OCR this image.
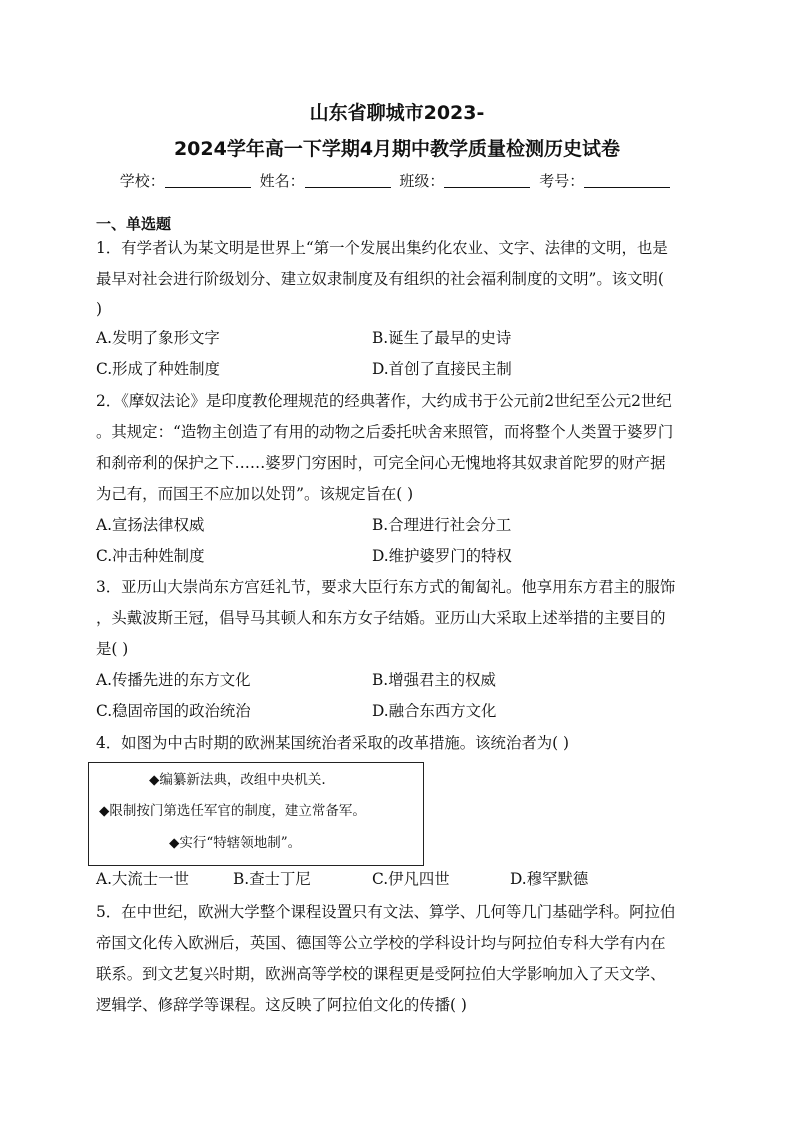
山东省聊城市2023-
2024学年高一下学期4月期中教学质量检测历史试卷
学校：	姓名：	班级：	考号：
一、单选题
1．有学者认为某文明是世界上“第一个发展出集约化农业、文字、法律的文明，也是
最早对社会进行阶级划分、建立奴隶制度及有组织的社会福利制度的文明”。该文明(
)
A.发明了象形文字	B.诞生了最早的史诗
C.形成了种姓制度	D.首创了直接民主制
2．《摩奴法论》是印度教伦理规范的经典著作，大约成书于公元前2世纪至公元2世纪
。其规定：“造物主创造了有用的动物之后委托吠舍来照管，而将整个人类置于婆罗门
和刹帝利的保护之下……婆罗门穷困时，可完全问心无愧地将其奴隶首陀罗的财产据
为己有，而国王不应加以处罚”。该规定旨在( )
A.宣扬法律权威	B.合理进行社会分工
C.冲击种姓制度	D.维护婆罗门的特权
3．亚历山大崇尚东方宫廷礼节，要求大臣行东方式的匍匐礼。他享用东方君主的服饰
，头戴波斯王冠，倡导马其顿人和东方女子结婚。亚历山大采取上述举措的主要目的
是( )
A.传播先进的东方文化	B.增强君主的权威
C.稳固帝国的政治统治	D.融合东西方文化
4．如图为中古时期的欧洲某国统治者采取的改革措施。该统治者为( )
◆编纂新法典，改组中央机关.
◆限制按门第选任军官的制度，建立常备军。
◆实行“特辖领地制”。
A.大流士一世	B.查士丁尼	C.伊凡四世	D.穆罕默德
5．在中世纪，欧洲大学整个课程设置只有文法、算学、几何等几门基础学科。阿拉伯
帝国文化传入欧洲后，英国、德国等公立学校的学科设计均与阿拉伯专科大学有内在
联系。到文艺复兴时期，欧洲高等学校的课程更是受阿拉伯大学影响加入了天文学、
逻辑学、修辞学等课程。这反映了阿拉伯文化的传播( )
